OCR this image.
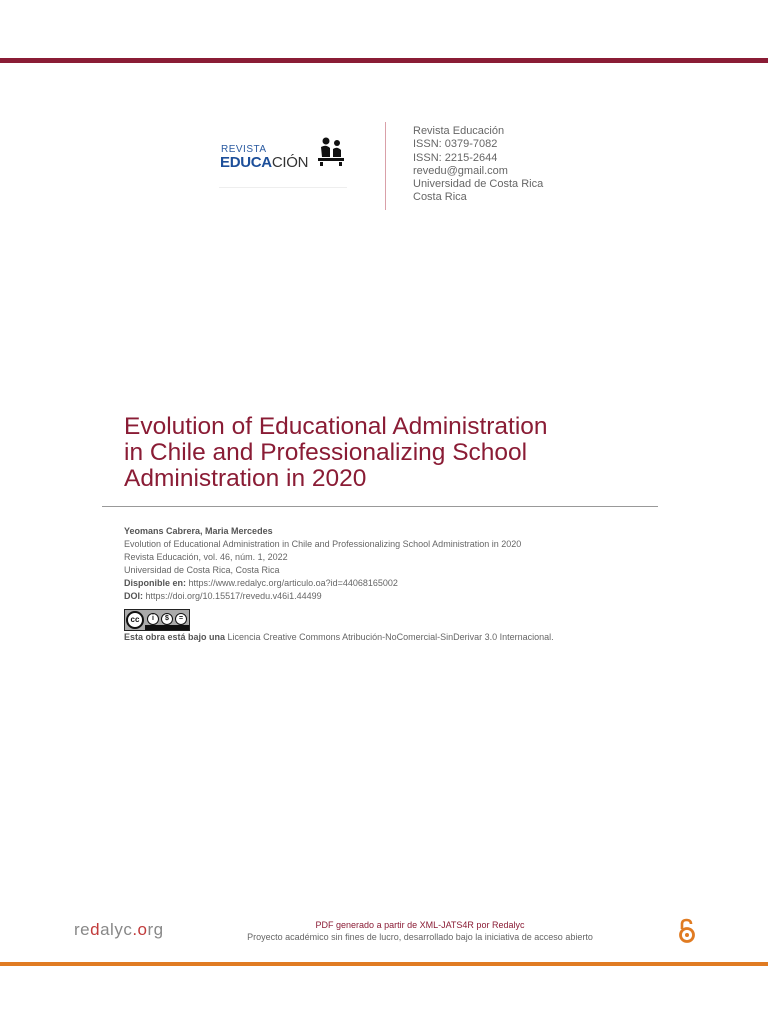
REVISTA
EDUCACIÓN
Revista Educación
ISSN: 0379-7082
ISSN: 2215-2644
revedu@gmail.com
Universidad de Costa Rica
Costa Rica
Evolution of Educational Administration
in Chile and Professionalizing School
Administration in 2020
Yeomans Cabrera, Maria Mercedes
Evolution of Educational Administration in Chile and Professionalizing School Administration in 2020
Revista Educación, vol. 46, núm. 1, 2022
Universidad de Costa Rica, Costa Rica
Disponible en: https://www.redalyc.org/articulo.oa?id=44068165002
DOI: https://doi.org/10.15517/revedu.v46i1.44499
cc	i	$	=
Esta obra está bajo una Licencia Creative Commons Atribución-NoComercial-SinDerivar 3.0 Internacional.
redalyc.org	PDF generado a partir de XML-JATS4R por Redalyc
Proyecto académico sin fines de lucro, desarrollado bajo la iniciativa de acceso abierto
